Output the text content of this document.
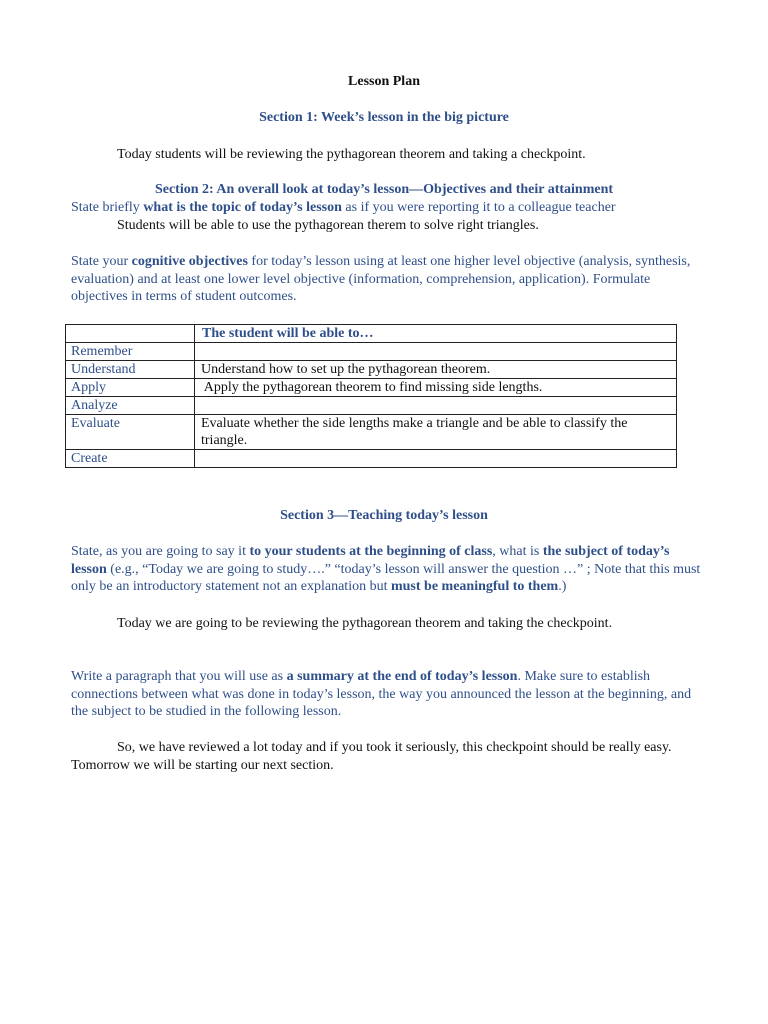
Lesson Plan

Section 1: Week’s lesson in the big picture

Today students will be reviewing the pythagorean theorem and taking a checkpoint.

Section 2: An overall look at today’s lesson—Objectives and their attainment

State briefly what is the topic of today’s lesson as if you were reporting it to a colleague teacher

Students will be able to use the pythagorean therem to solve right triangles.

State your cognitive objectives for today’s lesson using at least one higher level objective (analysis, synthesis, evaluation) and at least one lower level objective (information, comprehension, application). Formulate objectives in terms of student outcomes.

	The student will be able to…
Remember	
Understand	Understand how to set up the pythagorean theorem.
Apply	Apply the pythagorean theorem to find missing side lengths.
Analyze	
Evaluate	Evaluate whether the side lengths make a triangle and be able to classify the triangle.
Create	

Section 3—Teaching today’s lesson

State, as you are going to say it to your students at the beginning of class, what is the subject of today’s lesson (e.g., “Today we are going to study….” “today’s lesson will answer the question …” ; Note that this must only be an introductory statement not an explanation but must be meaningful to them.)

Today we are going to be reviewing the pythagorean theorem and taking the checkpoint.

Write a paragraph that you will use as a summary at the end of today’s lesson. Make sure to establish connections between what was done in today’s lesson, the way you announced the lesson at the beginning, and the subject to be studied in the following lesson.

So, we have reviewed a lot today and if you took it seriously, this checkpoint should be really easy. Tomorrow we will be starting our next section.
